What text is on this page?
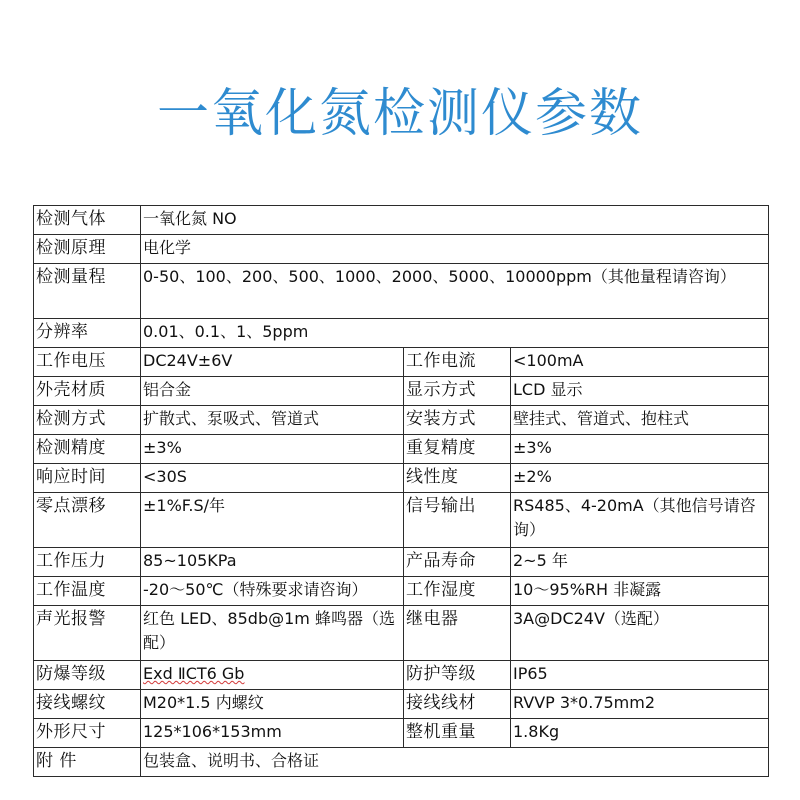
一氧化氮检测仪参数
检测气体	一氧化氮 NO		
检测原理	电化学		
检测量程	0-50、100、200、500、1000、2000、5000、10000ppm（其他量程请咨询）		
分辨率	0.01、0.1、1、5ppm		
工作电压	DC24V±6V	工作电流	<100mA
外壳材质	铝合金	显示方式	LCD 显示
检测方式	扩散式、泵吸式、管道式	安装方式	壁挂式、管道式、抱柱式
检测精度	±3%	重复精度	±3%
响应时间	<30S	线性度	±2%
零点漂移	±1%F.S/年	信号输出	RS485、4-20mA（其他信号请咨 询）
工作压力	85~105KPa	产品寿命	2~5 年
工作温度	-20～50℃（特殊要求请咨询）	工作湿度	10～95%RH 非凝露
声光报警	红色 LED、85db@1m 蜂鸣器（选配）	继电器	3A@DC24V（选配）
防爆等级	Exd ⅡCT6 Gb	防护等级	IP65
接线螺纹	M20*1.5 内螺纹	接线线材	RVVP 3*0.75mm2
外形尺寸	125*106*153mm	整机重量	1.8Kg
附 件	包装盒、说明书、合格证		
